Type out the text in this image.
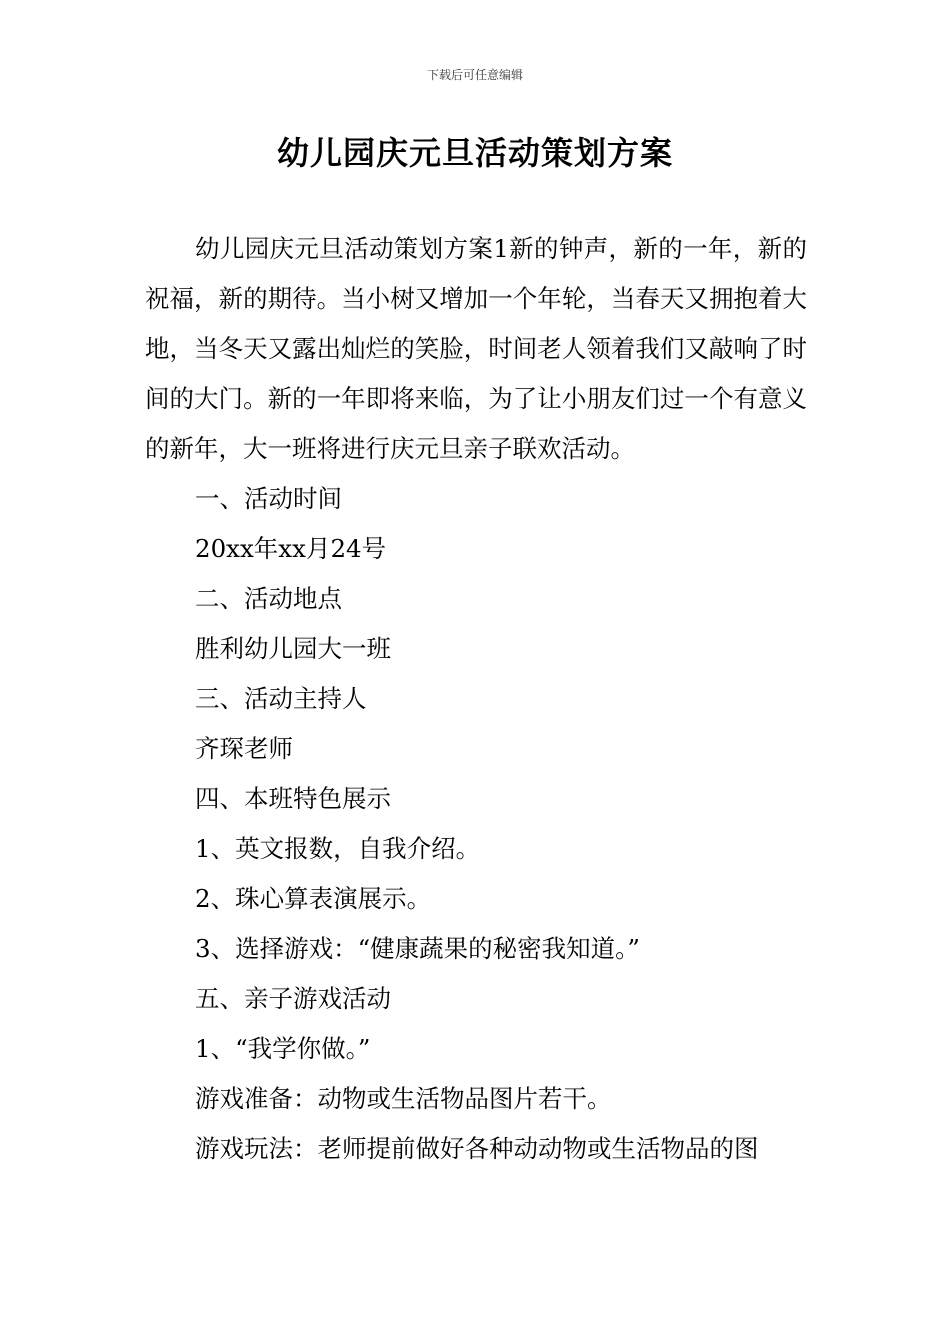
下载后可任意编辑
幼儿园庆元旦活动策划方案

幼儿园庆元旦活动策划方案1新的钟声，新的一年，新的祝福，新的期待。当小树又增加一个年轮，当春天又拥抱着大地，当冬天又露出灿烂的笑脸，时间老人领着我们又敲响了时间的大门。新的一年即将来临，为了让小朋友们过一个有意义的新年，大一班将进行庆元旦亲子联欢活动。

一、活动时间

20xx年xx月24号

二、活动地点

胜利幼儿园大一班

三、活动主持人

齐琛老师

四、本班特色展示

1、英文报数，自我介绍。

2、珠心算表演展示。

3、选择游戏：“健康蔬果的秘密我知道。”

五、亲子游戏活动

1、“我学你做。”

游戏准备：动物或生活物品图片若干。

游戏玩法：老师提前做好各种动动物或生活物品的图
